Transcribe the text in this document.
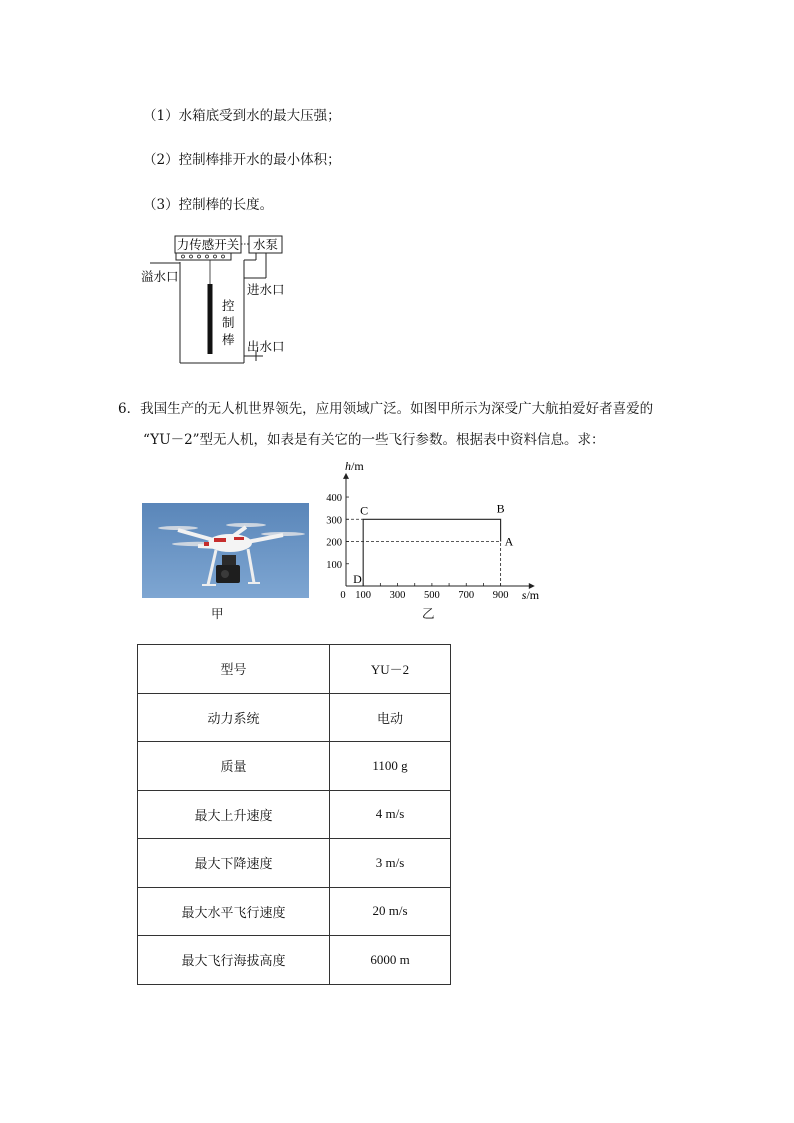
（1）水箱底受到水的最大压强；
（2）控制棒排开水的最小体积；
（3）控制棒的长度。
力传感开关 水泵
控
制
棒
溢水口
进水口
出水口
6．我国生产的无人机世界领先，应用领域广泛。如图甲所示为深受广大航拍爱好者喜爱的
“YU－2”型无人机，如表是有关它的一些飞行参数。根据表中资料信息。求：
甲
D
C	B
A
0 100 300 500 700 900
100
200
300
400
h/m
s/m
乙
型号	YU－2
动力系统	电动
质量	1100 g
最大上升速度	4 m/s
最大下降速度	3 m/s
最大水平飞行速度	20 m/s
最大飞行海拔高度	6000 m
